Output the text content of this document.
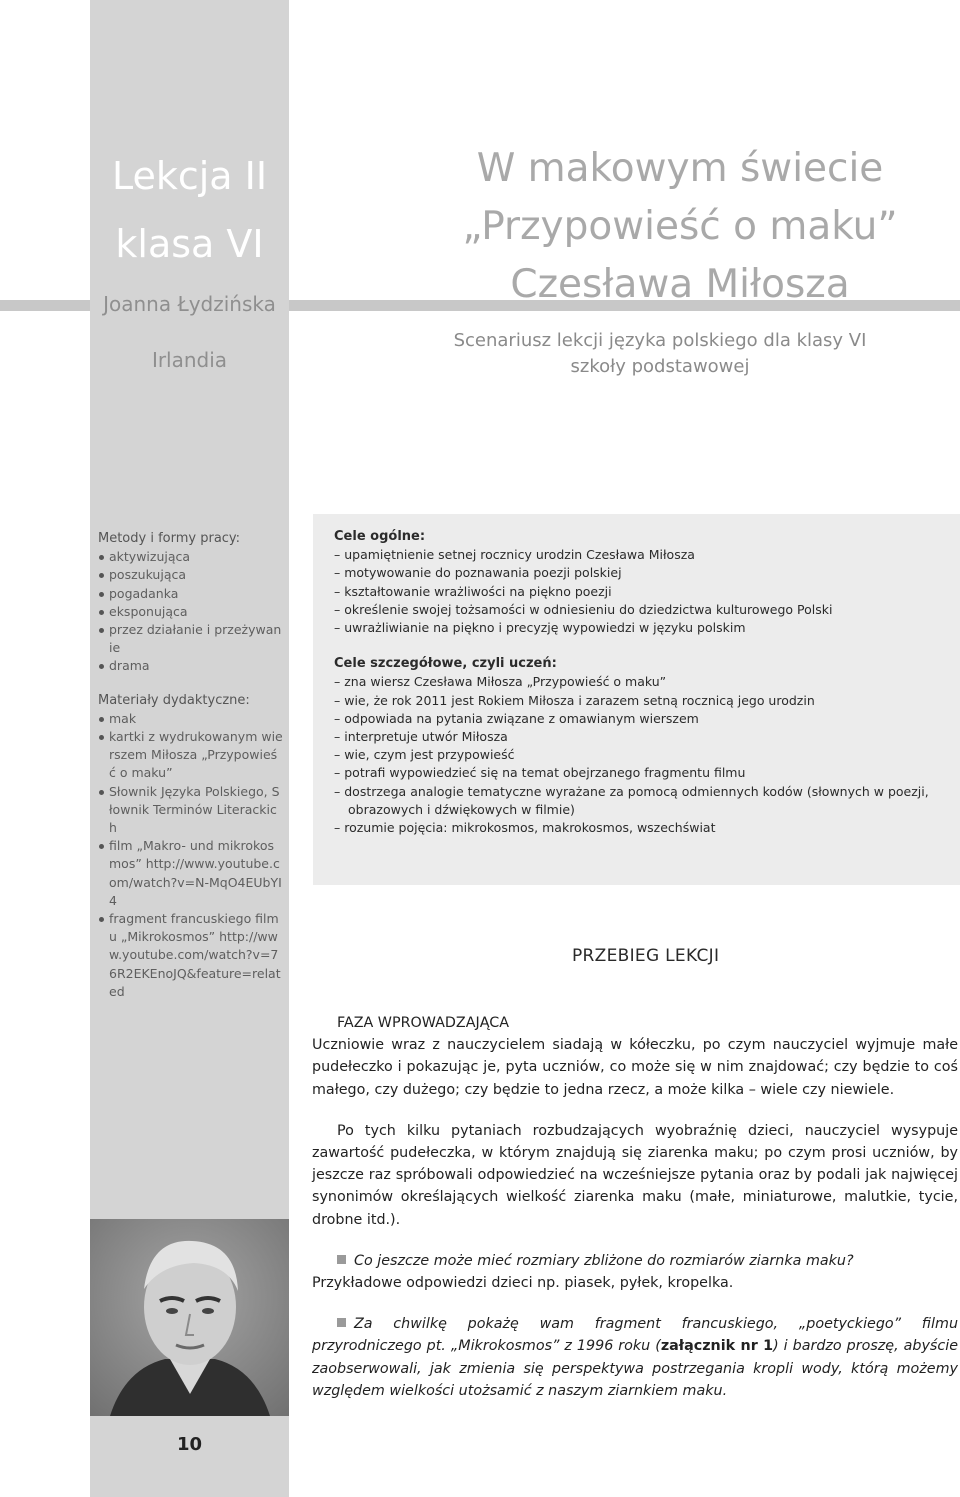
Lekcja II
klasa VI
Joanna Łydzińska
Irlandia
W makowym świecie
„Przypowieść o maku”
Czesława Miłosza
Scenariusz lekcji języka polskiego dla klasy VI
szkoły podstawowej
Metody i formy pracy:
aktywizująca
poszukująca
pogadanka
eksponująca
przez działanie i przeżywanie
drama
Materiały dydaktyczne:
mak
kartki z wydrukowanym wierszem Miłosza „Przypowieść o maku”
Słownik Języka Polskiego, Słownik Terminów Literackich
film „Makro- und mikrokosmos” http://www.youtube.com/watch?v=N-MqO4EUbYI4
fragment francuskiego filmu „Mikrokosmos” http://www.youtube.com/watch?v=76R2EKEnoJQ&feature=related
Cele ogólne:
– upamiętnienie setnej rocznicy urodzin Czesława Miłosza
– motywowanie do poznawania poezji polskiej
– kształtowanie wrażliwości na piękno poezji
– określenie swojej tożsamości w odniesieniu do dziedzictwa kulturowego Polski
– uwrażliwianie na piękno i precyzję wypowiedzi w języku polskim
Cele szczegółowe, czyli uczeń:
– zna wiersz Czesława Miłosza „Przypowieść o maku”
– wie, że rok 2011 jest Rokiem Miłosza i zarazem setną rocznicą jego urodzin
– odpowiada na pytania związane z omawianym wierszem
– interpretuje utwór Miłosza
– wie, czym jest przypowieść
– potrafi wypowiedzieć się na temat obejrzanego fragmentu filmu
– dostrzega analogie tematyczne wyrażane za pomocą odmiennych kodów (słownych w poezji, obrazowych i dźwiękowych w filmie)
– rozumie pojęcia: mikrokosmos, makrokosmos, wszechświat
PRZEBIEG LEKCJI

FAZA WPROWADZAJĄCA

Uczniowie wraz z nauczycielem siadają w kółeczku, po czym nauczyciel wyjmuje małe pudełeczko i pokazując je, pyta uczniów, co może się w nim znajdować; czy będzie to coś małego, czy dużego; czy będzie to jedna rzecz, a może kilka – wiele czy niewiele.

Po tych kilku pytaniach rozbudzających wyobraźnię dzieci, nauczyciel wysypuje zawartość pudełeczka, w którym znajdują się ziarenka maku; po czym prosi uczniów, by jeszcze raz spróbowali odpowiedzieć na wcześniejsze pytania oraz by podali jak najwięcej synonimów określających wielkość ziarenka maku (małe, miniaturowe, malutkie, tycie, drobne itd.).

Co jeszcze może mieć rozmiary zbliżone do rozmiarów ziarnka maku?
Przykładowe odpowiedzi dzieci np. piasek, pyłek, kropelka.

Za chwilkę pokażę wam fragment francuskiego, „poetyckiego” filmu przyrodniczego pt. „Mikrokosmos” z 1996 roku (załącznik nr 1) i bardzo proszę, abyście zaobserwowali, jak zmienia się perspektywa postrzegania kropli wody, którą możemy względem wielkości utożsamić z naszym ziarnkiem maku.

10
